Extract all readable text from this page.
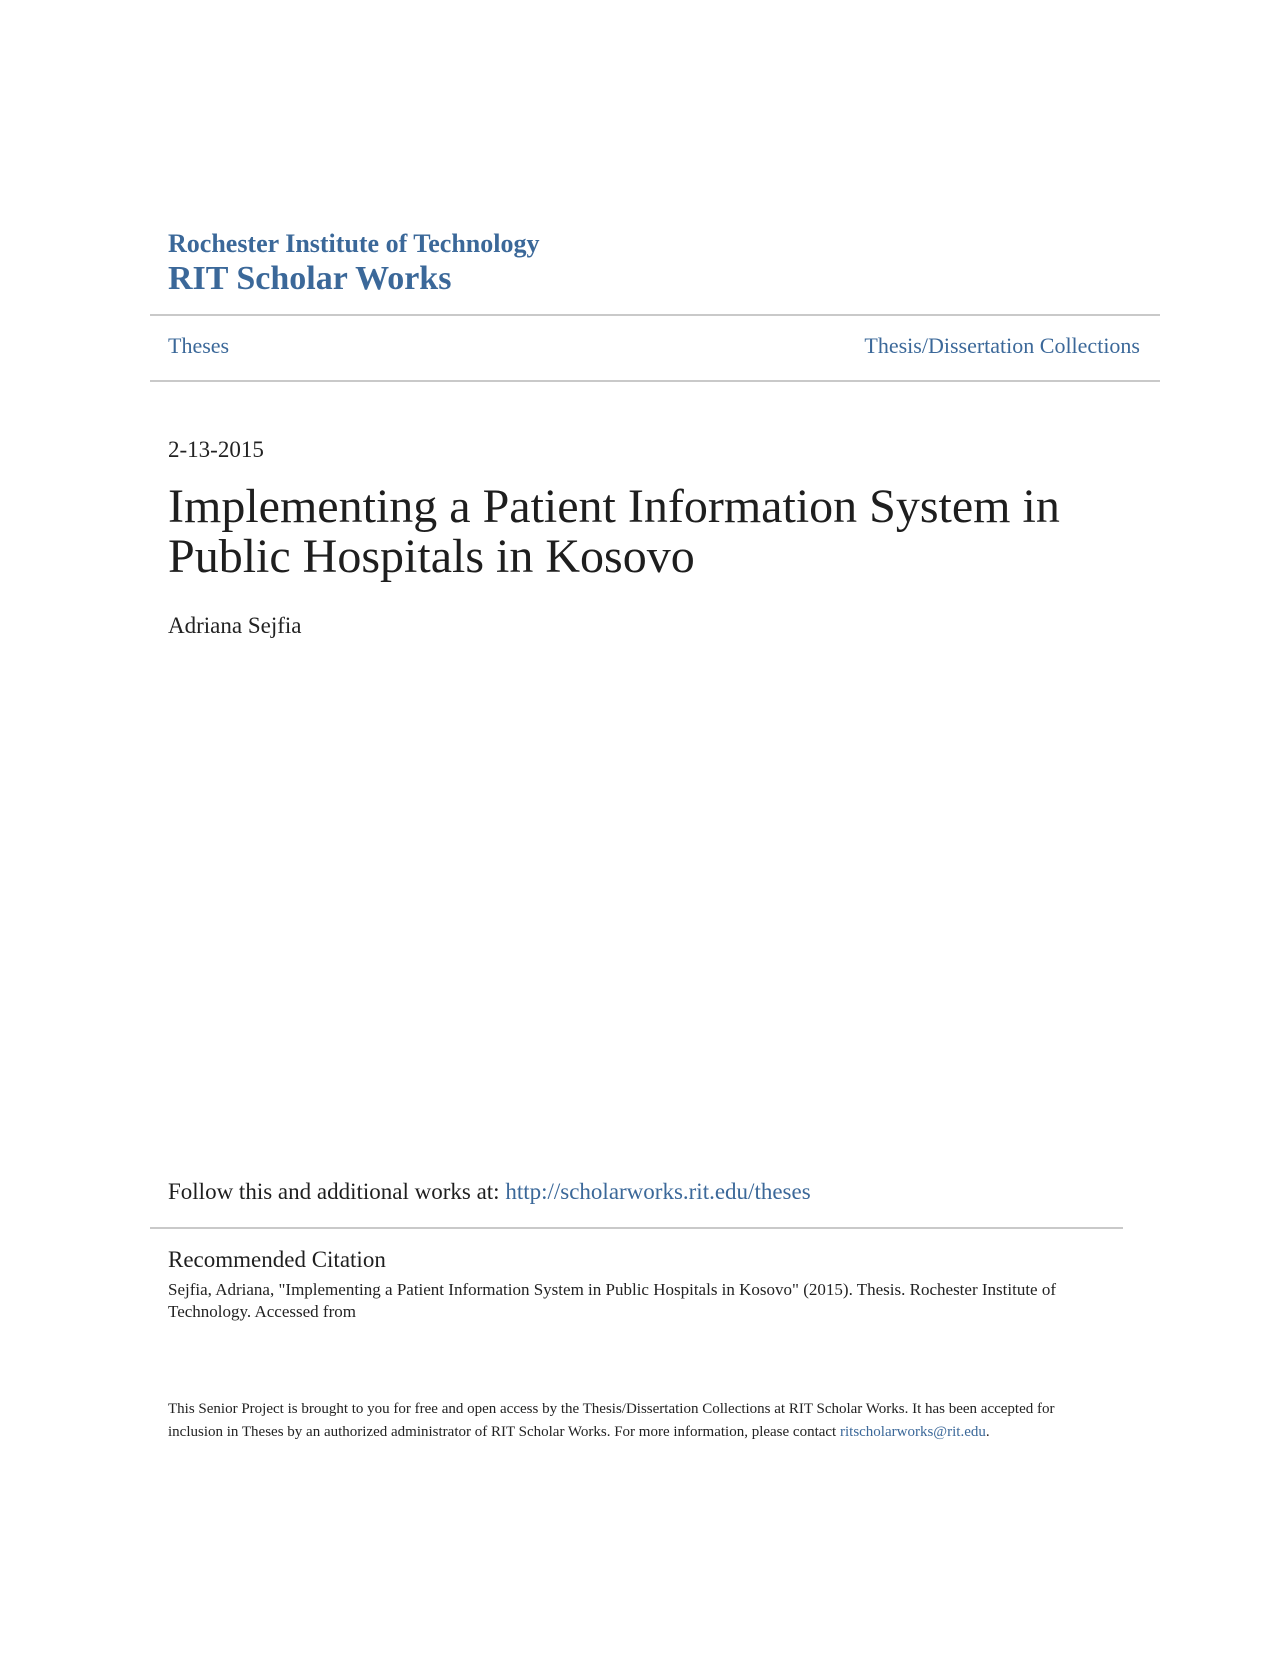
Rochester Institute of Technology
RIT Scholar Works
Theses	Thesis/Dissertation Collections
2-13-2015
Implementing a Patient Information System in Public Hospitals in Kosovo
Adriana Sejfia
Follow this and additional works at: http://scholarworks.rit.edu/theses
Recommended Citation
Sejfia, Adriana, "Implementing a Patient Information System in Public Hospitals in Kosovo" (2015). Thesis. Rochester Institute of Technology. Accessed from
This Senior Project is brought to you for free and open access by the Thesis/Dissertation Collections at RIT Scholar Works. It has been accepted for inclusion in Theses by an authorized administrator of RIT Scholar Works. For more information, please contact ritscholarworks@rit.edu.
